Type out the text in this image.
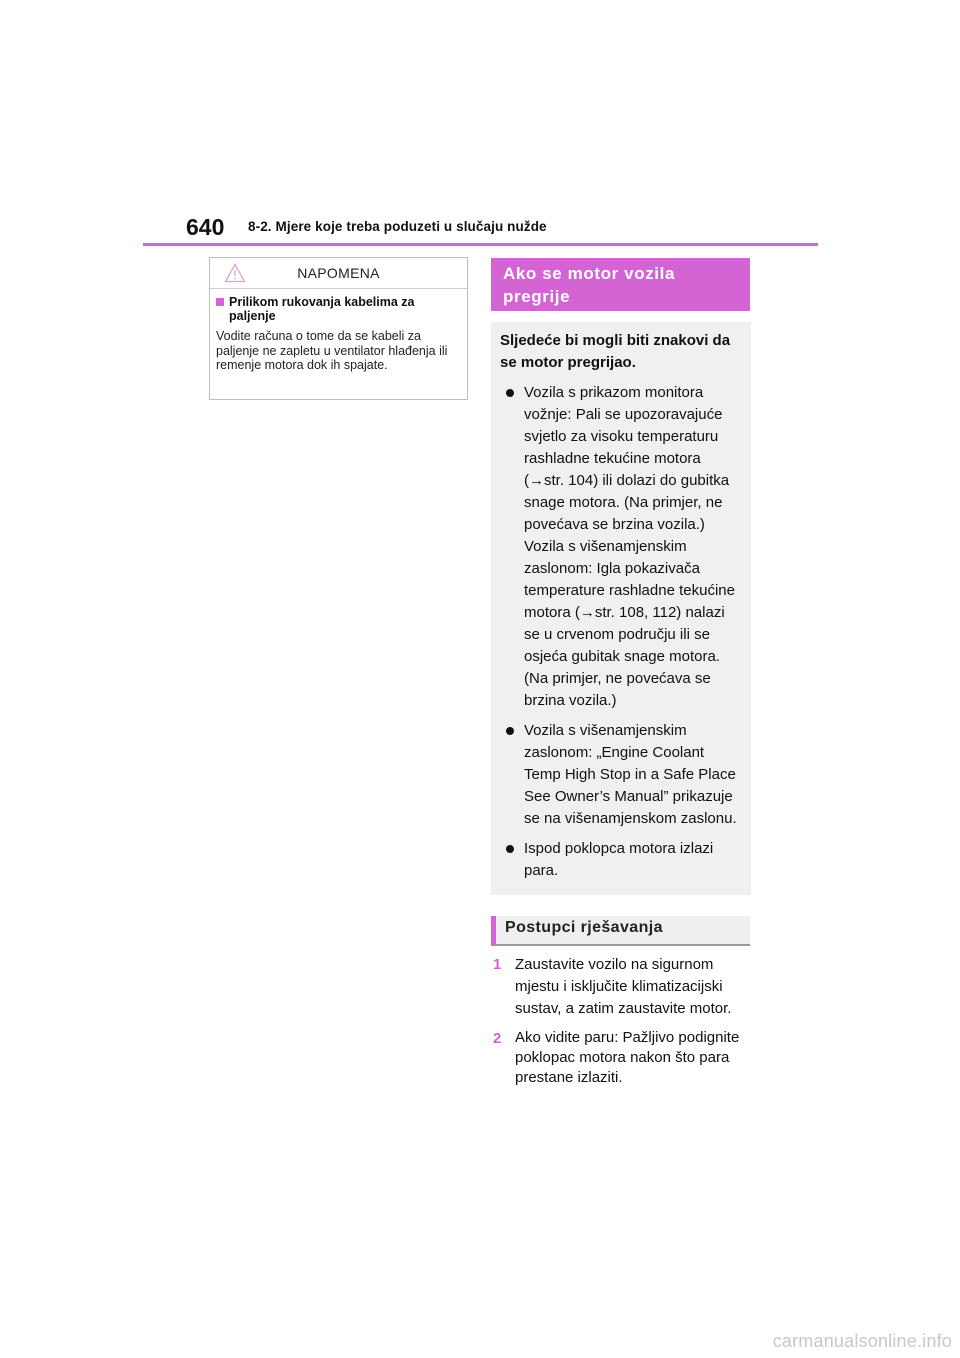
640 8-2. Mjere koje treba poduzeti u slučaju nužde
NAPOMENA
Prilikom rukovanja kabelima za paljenje
Vodite računa o tome da se kabeli za paljenje ne zapletu u ventilator hlađenja ili remenje motora dok ih spajate.
Ako se motor vozila
pregrije
Sljedeće bi mogli biti znakovi da se motor pregrijao.

Vozila s prikazom monitora vožnje: Pali se upozoravajuće svjetlo za visoku temperaturu rashladne tekućine motora (→str. 104) ili dolazi do gubitka snage motora. (Na primjer, ne povećava se brzina vozila.)

Vozila s višenamjenskim zaslonom: Igla pokazivača temperature rashladne tekućine motora (→str. 108, 112) nalazi se u crvenom području ili se osjeća gubitak snage motora. (Na primjer, ne povećava se brzina vozila.)

Vozila s višenamjenskim zaslonom: „Engine Coolant Temp High Stop in a Safe Place See Owner’s Manual” prikazuje se na višenamjenskom zaslonu.

Ispod poklopca motora izlazi para.

Postupci rješavanja
1 Zaustavite vozilo na sigurnom mjestu i isključite klimatizacijski sustav, a zatim zaustavite motor.
2 Ako vidite paru: Pažljivo podignite poklopac motora nakon što para prestane izlaziti.
carmanualsonline.info
